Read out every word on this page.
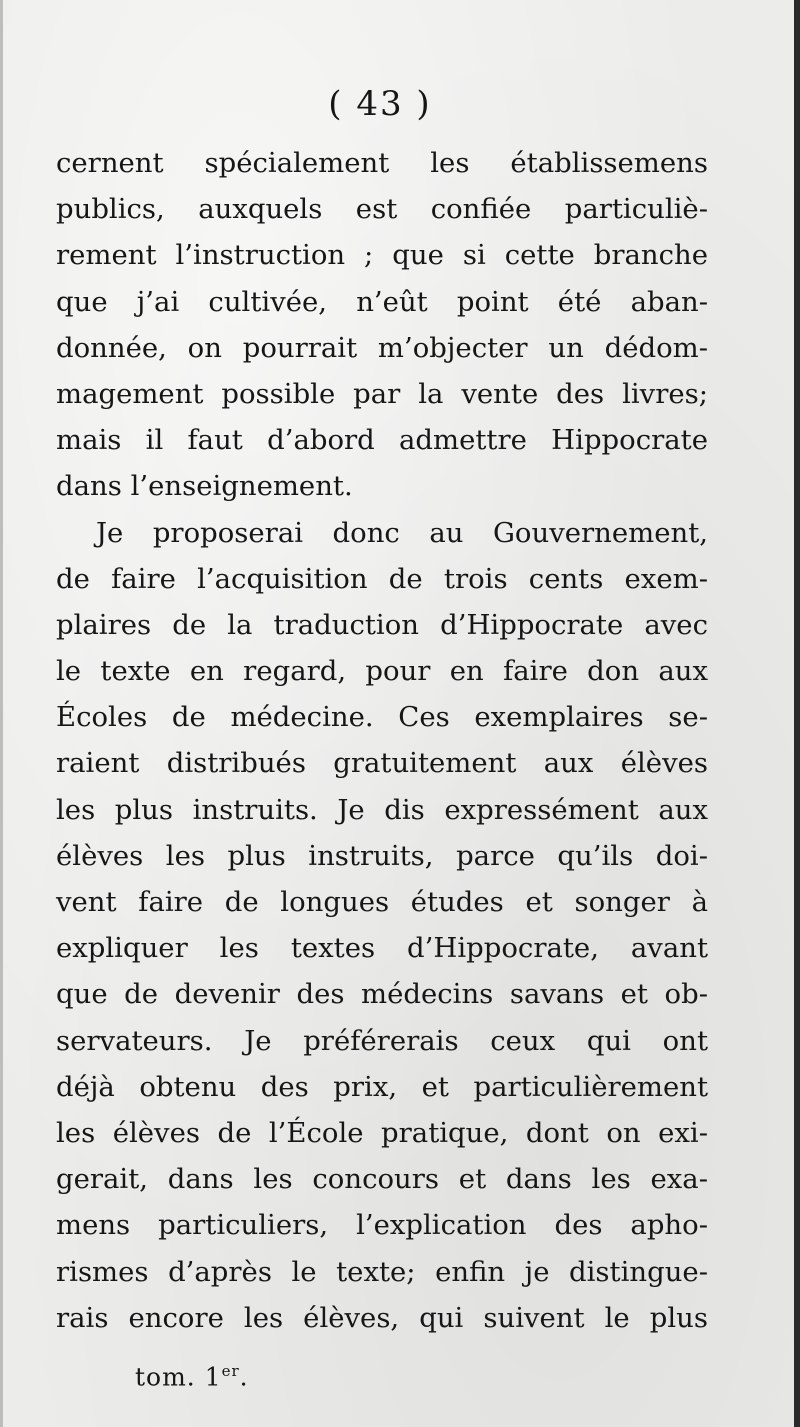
( 43 )
cernent spécialement les établissemens
publics, auxquels est confiée particuliè-
rement l’instruction ; que si cette branche
que j’ai cultivée, n’eût point été aban-
donnée, on pourrait m’objecter un dédom-
magement possible par la vente des livres;
mais il faut d’abord admettre Hippocrate
dans l’enseignement.
Je proposerai donc au Gouvernement,
de faire l’acquisition de trois cents exem-
plaires de la traduction d’Hippocrate avec
le texte en regard, pour en faire don aux
Écoles de médecine. Ces exemplaires se-
raient distribués gratuitement aux élèves
les plus instruits. Je dis expressément aux
élèves les plus instruits, parce qu’ils doi-
vent faire de longues études et songer à
expliquer les textes d’Hippocrate, avant
que de devenir des médecins savans et ob-
servateurs. Je préférerais ceux qui ont
déjà obtenu des prix, et particulièrement
les élèves de l’École pratique, dont on exi-
gerait, dans les concours et dans les exa-
mens particuliers, l’explication des apho-
rismes d’après le texte; enfin je distingue-
rais encore les élèves, qui suivent le plus
tom. 1er.
